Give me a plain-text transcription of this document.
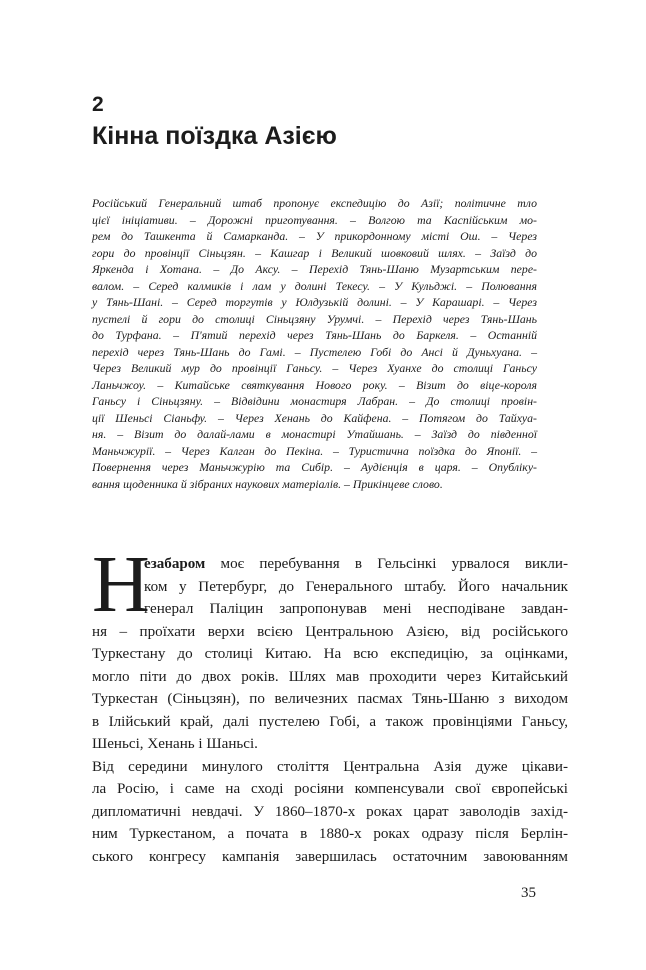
2
Кінна поїздка Азією
Російський Генеральний штаб пропонує експедицію до Азії; політичне тло
цієї ініціативи. – Дорожні приготування. – Волгою та Каспійським мо-
рем до Ташкента й Самарканда. – У прикордонному місті Ош. – Через
гори до провінції Сіньцзян. – Кашгар і Великий шовковий шлях. – Заїзд до
Яркенда і Хотана. – До Аксу. – Перехід Тянь-Шаню Музартським пере-
валом. – Серед калмиків і лам у долині Текесу. – У Кульджі. – Полювання
у Тянь-Шані. – Серед торгутів у Юлдузькій долині. – У Карашарі. – Через
пустелі й гори до столиці Сіньцзяну Урумчі. – Перехід через Тянь-Шань
до Турфана. – П'ятий перехід через Тянь-Шань до Баркеля. – Останній
перехід через Тянь-Шань до Гамі. – Пустелею Гобі до Ансі й Дуньхуана. –
Через Великий мур до провінції Ганьсу. – Через Хуанхе до столиці Ганьсу
Ланьчжоу. – Китайське святкування Нового року. – Візит до віце-короля
Ганьсу і Сіньцзяну. – Відвідини монастиря Лабран. – До столиці провін-
ції Шеньсі Сіаньфу. – Через Хенань до Кайфена. – Потягом до Тайхуа-
ня. – Візит до далай-лами в монастирі Утайшань. – Заїзд до південної
Маньчжурії. – Через Калган до Пекіна. – Туристична поїздка до Японії. –
Повернення через Маньчжурію та Сибір. – Аудієнція в царя. – Опубліку-
вання щоденника й зібраних наукових матеріалів. – Прикінцеве слово.
Н
езабаром моє перебування в Гельсінкі урвалося викли-
ком у Петербург, до Генерального штабу. Його начальник
генерал Паліцин запропонував мені несподіване завдан-
ня – проїхати верхи всією Центральною Азією, від російського
Туркестану до столиці Китаю. На всю експедицію, за оцінками,
могло піти до двох років. Шлях мав проходити через Китайський
Туркестан (Сіньцзян), по величезних пасмах Тянь-Шаню з виходом
в Ілійський край, далі пустелею Гобі, а також провінціями Ганьсу,
Шеньсі, Хенань і Шаньсі.
Від середини минулого століття Центральна Азія дуже цікави-
ла Росію, і саме на сході росіяни компенсували свої європейські
дипломатичні невдачі. У 1860–1870-х роках царат заволодів захід-
ним Туркестаном, а почата в 1880-х роках одразу після Берлін-
ського конгресу кампанія завершилась остаточним завоюванням

35
